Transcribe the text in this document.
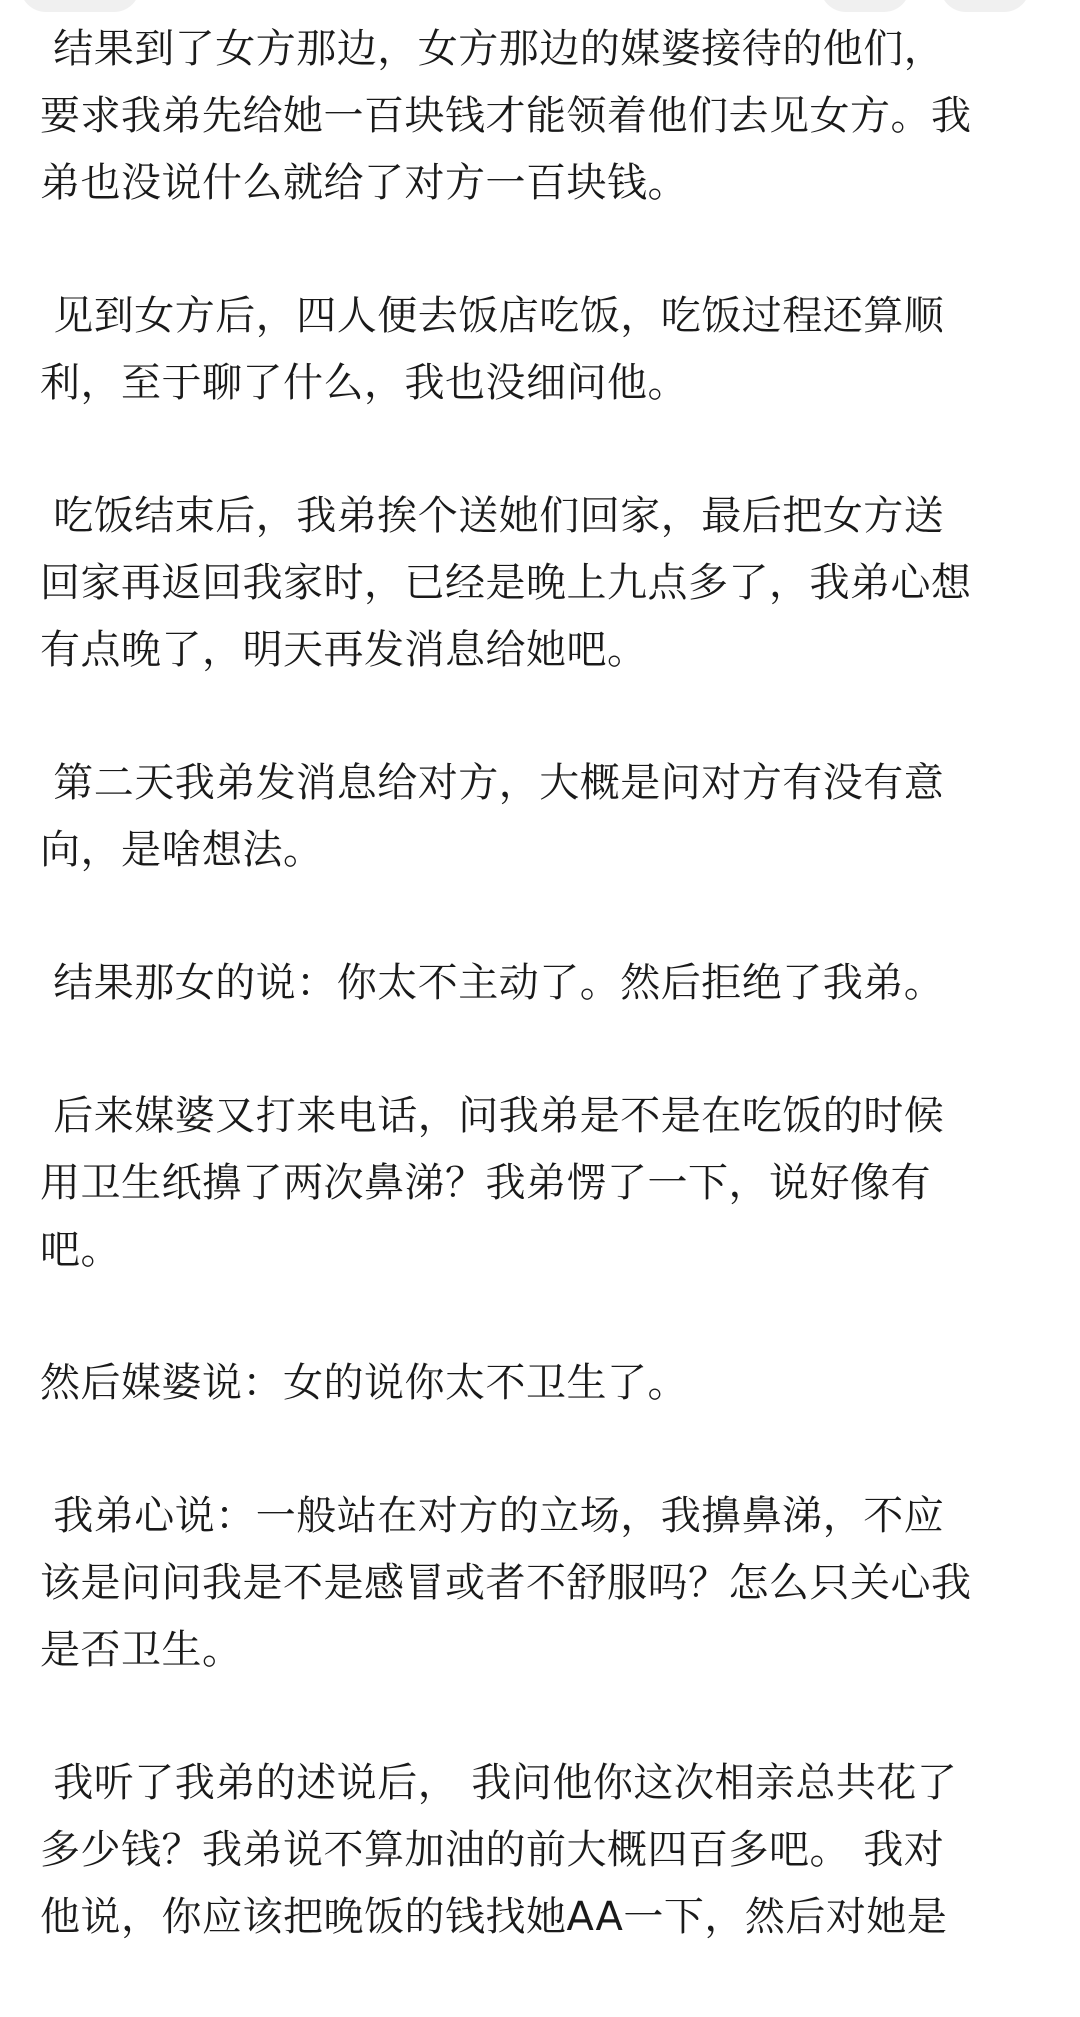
结果到了女方那边，女方那边的媒婆接待的他们，
要求我弟先给她一百块钱才能领着他们去见女方。我
弟也没说什么就给了对方一百块钱。

见到女方后，四人便去饭店吃饭，吃饭过程还算顺
利，至于聊了什么，我也没细问他。

吃饭结束后，我弟挨个送她们回家，最后把女方送
回家再返回我家时，已经是晚上九点多了，我弟心想
有点晚了，明天再发消息给她吧。

第二天我弟发消息给对方，大概是问对方有没有意
向，是啥想法。

结果那女的说：你太不主动了。然后拒绝了我弟。

后来媒婆又打来电话，问我弟是不是在吃饭的时候
用卫生纸擤了两次鼻涕？我弟愣了一下，说好像有
吧。

然后媒婆说：女的说你太不卫生了。

我弟心说：一般站在对方的立场，我擤鼻涕，不应
该是问问我是不是感冒或者不舒服吗？怎么只关心我
是否卫生。

我听了我弟的述说后， 我问他你这次相亲总共花了
多少钱？我弟说不算加油的前大概四百多吧。 我对
他说，你应该把晚饭的钱找她AA一下，然后对她是
